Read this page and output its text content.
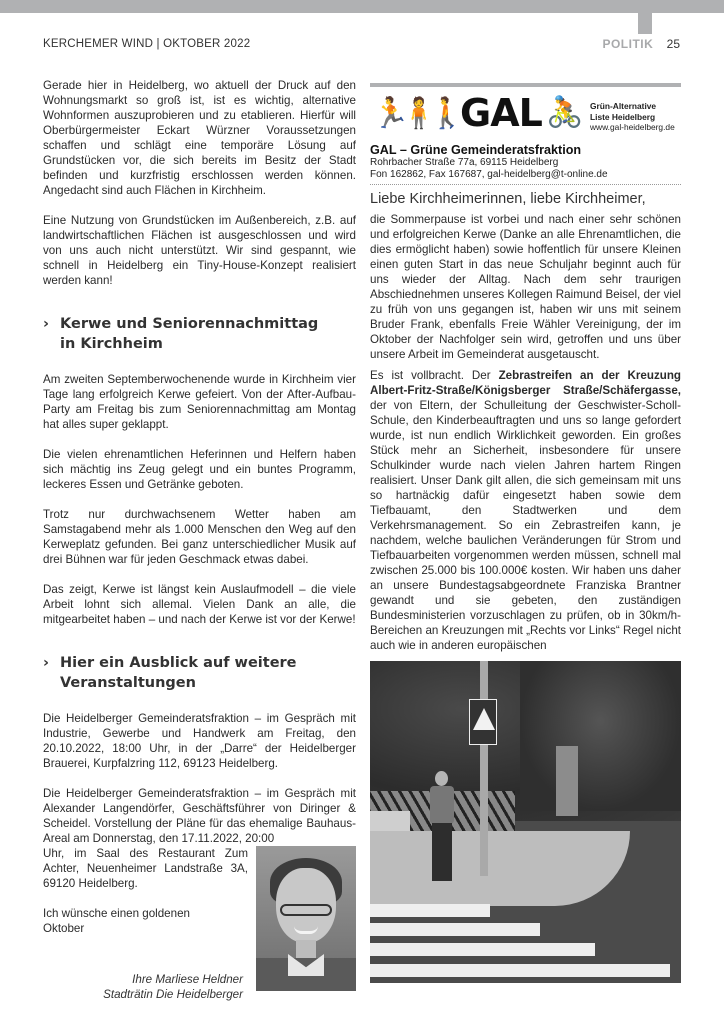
KERCHEMER WIND | OKTOBER 2022	POLITIK 25

Gerade hier in Heidelberg, wo aktuell der Druck auf den Wohnungsmarkt so groß ist, ist es wichtig, alternative Wohnformen auszuprobieren und zu etablieren. Hierfür will Oberbürgermeister Eckart Würzner Voraussetzungen schaffen und schlägt eine temporäre Lösung auf Grundstücken vor, die sich bereits im Besitz der Stadt befinden und kurzfristig erschlossen werden können. Angedacht sind auch Flächen in Kirchheim.

Eine Nutzung von Grundstücken im Außenbereich, z.B. auf landwirtschaftlichen Flächen ist ausgeschlossen und wird von uns auch nicht unterstützt. Wir sind gespannt, wie schnell in Heidelberg ein Tiny-House-Konzept realisiert werden kann!

› Kerwe und Seniorennachmittag
in Kirchheim

Am zweiten Septemberwochenende wurde in Kirchheim vier Tage lang erfolgreich Kerwe gefeiert. Von der After-Aufbau-Party am Freitag bis zum Seniorennachmittag am Montag hat alles super geklappt.

Die vielen ehrenamtlichen Heferinnen und Helfern haben sich mächtig ins Zeug gelegt und ein buntes Programm, leckeres Essen und Getränke geboten.

Trotz nur durchwachsenem Wetter haben am Samstagabend mehr als 1.000 Menschen den Weg auf den Kerweplatz gefunden. Bei ganz unterschiedlicher Musik auf drei Bühnen war für jeden Geschmack etwas dabei.

Das zeigt, Kerwe ist längst kein Auslaufmodell – die viele Arbeit lohnt sich allemal. Vielen Dank an alle, die mitgearbeitet haben – und nach der Kerwe ist vor der Kerwe!

› Hier ein Ausblick auf weitere
Veranstaltungen

Die Heidelberger Gemeinderatsfraktion – im Gespräch mit Industrie, Gewerbe und Handwerk am Freitag, den 20.10.2022, 18:00 Uhr, in der „Darre“ der Heidelberger Brauerei, Kurpfalzring 112, 69123 Heidelberg.

Die Heidelberger Gemeinderatsfraktion – im Gespräch mit Alexander Langendörfer, Geschäftsführer von Diringer & Scheidel. Vorstellung der Pläne für das ehemalige Bauhaus-Areal am Donnerstag, den 17.11.2022, 20:00

Uhr, im Saal des Restaurant Zum Achter, Neuenheimer Landstraße 3A, 69120 Heidelberg.

Ich wünsche einen goldenen Oktober

Ihre Marliese Heldner
Stadträtin Die Heidelberger
🏃
🧍
🚶
GAL 🚴 Grün-Alternative
Liste Heidelberg
www.gal-heidelberg.de
GAL – Grüne Gemeinderatsfraktion
Rohrbacher Straße 77a, 69115 Heidelberg
Fon 162862, Fax 167687, gal-heidelberg@t-online.de
Liebe Kirchheimerinnen, liebe Kirchheimer,

die Sommerpause ist vorbei und nach einer sehr schönen und erfolgreichen Kerwe (Danke an alle Ehrenamtlichen, die dies ermöglicht haben) sowie hoffentlich für unsere Kleinen einen guten Start in das neue Schuljahr beginnt auch für uns wieder der Alltag. Nach dem sehr traurigen Abschiednehmen unseres Kollegen Raimund Beisel, der viel zu früh von uns gegangen ist, haben wir uns mit seinem Bruder Frank, ebenfalls Freie Wähler Vereinigung, der im Oktober der Nachfolger sein wird, getroffen und uns über unsere Arbeit im Gemeinderat ausgetauscht.

Es ist vollbracht. Der Zebrastreifen an der Kreuzung Albert-Fritz-Straße/Königsberger Straße/Schäfergasse, der von Eltern, der Schulleitung der Geschwister-Scholl-Schule, den Kinderbeauftragten und uns so lange gefordert wurde, ist nun endlich Wirklichkeit geworden. Ein großes Stück mehr an Sicherheit, insbesondere für unsere Schulkinder wurde nach vielen Jahren hartem Ringen realisiert. Unser Dank gilt allen, die sich gemeinsam mit uns so hartnäckig dafür eingesetzt haben sowie dem Tiefbauamt, den Stadtwerken und dem Verkehrsmanagement. So ein Zebrastreifen kann, je nachdem, welche baulichen Veränderungen für Strom und Tiefbauarbeiten vorgenommen werden müssen, schnell mal zwischen 25.000 bis 100.000€ kosten. Wir haben uns daher an unsere Bundestagsabgeordnete Franziska Brantner gewandt und sie gebeten, den zuständigen Bundesministerien vorzuschlagen zu prüfen, ob in 30km/h-Bereichen an Kreuzungen mit „Rechts vor Links“ Regel nicht auch wie in anderen europäischen
